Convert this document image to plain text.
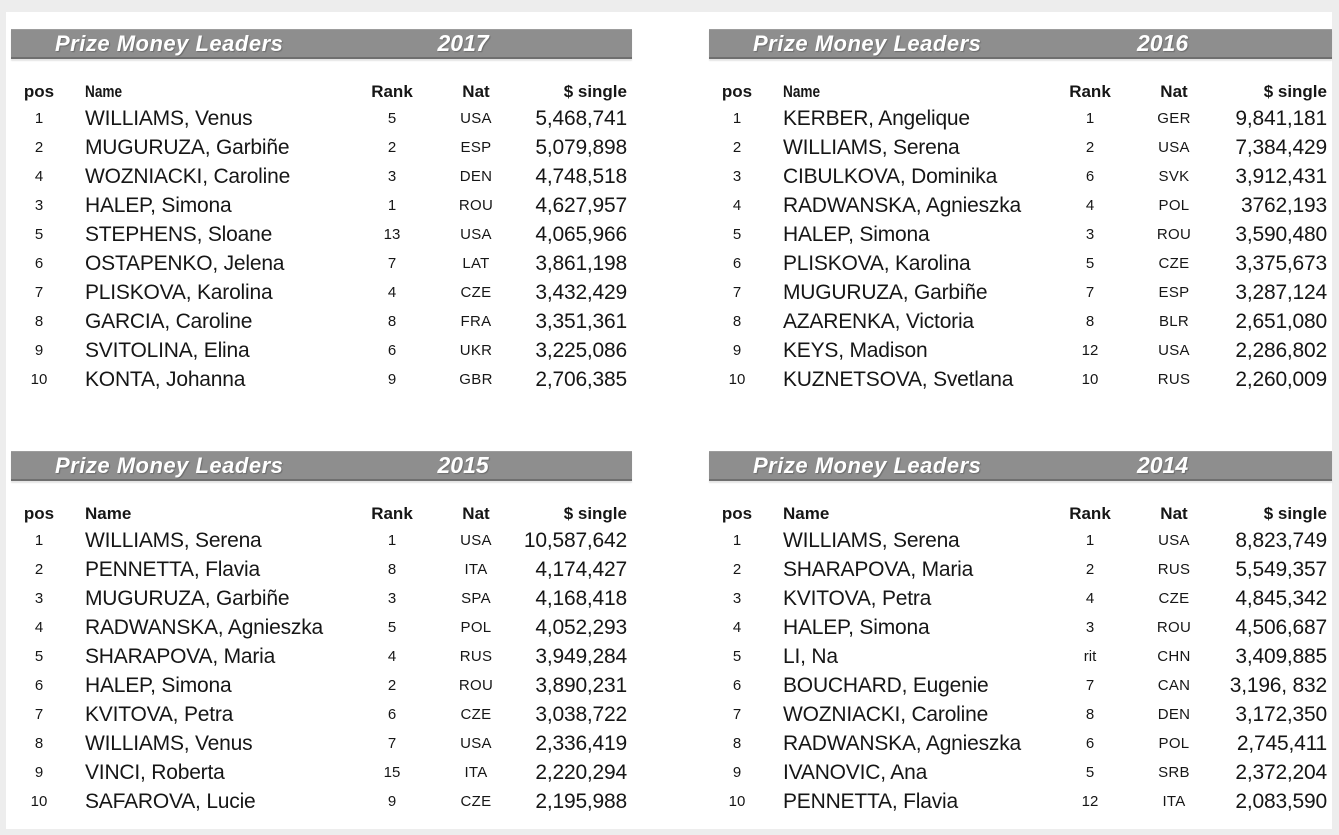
Prize Money Leaders	2017
pos	Name	Rank	Nat	$ single
1	WILLIAMS, Venus	5	USA	5,468,741
2	MUGURUZA, Garbiñe	2	ESP	5,079,898
4	WOZNIACKI, Caroline	3	DEN	4,748,518
3	HALEP, Simona	1	ROU	4,627,957
5	STEPHENS, Sloane	13	USA	4,065,966
6	OSTAPENKO, Jelena	7	LAT	3,861,198
7	PLISKOVA, Karolina	4	CZE	3,432,429
8	GARCIA, Caroline	8	FRA	3,351,361
9	SVITOLINA, Elina	6	UKR	3,225,086
10	KONTA, Johanna	9	GBR	2,706,385
Prize Money Leaders	2016
pos	Name	Rank	Nat	$ single
1	KERBER, Angelique	1	GER	9,841,181
2	WILLIAMS, Serena	2	USA	7,384,429
3	CIBULKOVA, Dominika	6	SVK	3,912,431
4	RADWANSKA, Agnieszka	4	POL	3762,193
5	HALEP, Simona	3	ROU	3,590,480
6	PLISKOVA, Karolina	5	CZE	3,375,673
7	MUGURUZA, Garbiñe	7	ESP	3,287,124
8	AZARENKA, Victoria	8	BLR	2,651,080
9	KEYS, Madison	12	USA	2,286,802
10	KUZNETSOVA, Svetlana	10	RUS	2,260,009
Prize Money Leaders	2015
pos	Name	Rank	Nat	$ single
1	WILLIAMS, Serena	1	USA	10,587,642
2	PENNETTA, Flavia	8	ITA	4,174,427
3	MUGURUZA, Garbiñe	3	SPA	4,168,418
4	RADWANSKA, Agnieszka	5	POL	4,052,293
5	SHARAPOVA, Maria	4	RUS	3,949,284
6	HALEP, Simona	2	ROU	3,890,231
7	KVITOVA, Petra	6	CZE	3,038,722
8	WILLIAMS, Venus	7	USA	2,336,419
9	VINCI, Roberta	15	ITA	2,220,294
10	SAFAROVA, Lucie	9	CZE	2,195,988
Prize Money Leaders	2014
pos	Name	Rank	Nat	$ single
1	WILLIAMS, Serena	1	USA	8,823,749
2	SHARAPOVA, Maria	2	RUS	5,549,357
3	KVITOVA, Petra	4	CZE	4,845,342
4	HALEP, Simona	3	ROU	4,506,687
5	LI, Na	rit	CHN	3,409,885
6	BOUCHARD, Eugenie	7	CAN	3,196, 832
7	WOZNIACKI, Caroline	8	DEN	3,172,350
8	RADWANSKA, Agnieszka	6	POL	2,745,411
9	IVANOVIC, Ana	5	SRB	2,372,204
10	PENNETTA, Flavia	12	ITA	2,083,590
